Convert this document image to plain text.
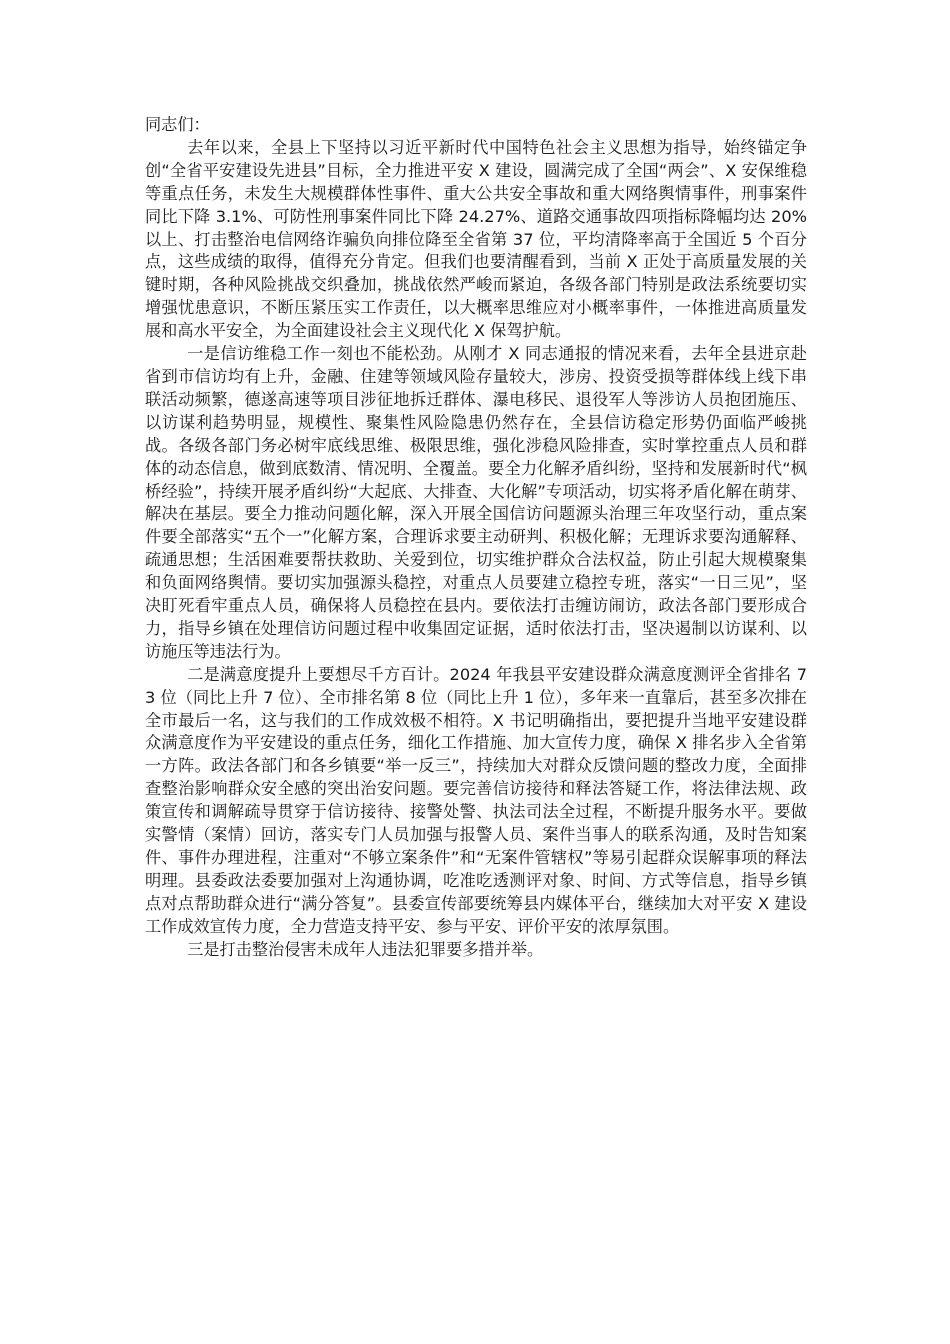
同志们：

去年以来，全县上下坚持以习近平新时代中国特色社会主义思想为指导，始终锚定争创“全省平安建设先进县”目标，全力推进平安 X 建设，圆满完成了全国“两会”、X 安保维稳等重点任务，未发生大规模群体性事件、重大公共安全事故和重大网络舆情事件，刑事案件同比下降 3.1%、可防性刑事案件同比下降 24.27%、道路交通事故四项指标降幅均达 20%以上、打击整治电信网络诈骗负向排位降至全省第 37 位，平均清降率高于全国近 5 个百分点，这些成绩的取得，值得充分肯定。但我们也要清醒看到，当前 X 正处于高质量发展的关键时期，各种风险挑战交织叠加，挑战依然严峻而紧迫，各级各部门特别是政法系统要切实增强忧患意识，不断压紧压实工作责任，以大概率思维应对小概率事件，一体推进高质量发展和高水平安全，为全面建设社会主义现代化 X 保驾护航。

一是信访维稳工作一刻也不能松劲。从刚才 X 同志通报的情况来看，去年全县进京赴省到市信访均有上升，金融、住建等领域风险存量较大，涉房、投资受损等群体线上线下串联活动频繁，德遂高速等项目涉征地拆迁群体、瀑电移民、退役军人等涉访人员抱团施压、以访谋利趋势明显，规模性、聚集性风险隐患仍然存在，全县信访稳定形势仍面临严峻挑战。各级各部门务必树牢底线思维、极限思维，强化涉稳风险排查，实时掌控重点人员和群体的动态信息，做到底数清、情况明、全覆盖。要全力化解矛盾纠纷，坚持和发展新时代“枫桥经验”，持续开展矛盾纠纷“大起底、大排查、大化解”专项活动，切实将矛盾化解在萌芽、解决在基层。要全力推动问题化解，深入开展全国信访问题源头治理三年攻坚行动，重点案件要全部落实“五个一”化解方案，合理诉求要主动研判、积极化解；无理诉求要沟通解释、疏通思想；生活困难要帮扶救助、关爱到位，切实维护群众合法权益，防止引起大规模聚集和负面网络舆情。要切实加强源头稳控，对重点人员要建立稳控专班，落实“一日三见”，坚决盯死看牢重点人员，确保将人员稳控在县内。要依法打击缠访闹访，政法各部门要形成合力，指导乡镇在处理信访问题过程中收集固定证据，适时依法打击，坚决遏制以访谋利、以访施压等违法行为。

二是满意度提升上要想尽千方百计。2024 年我县平安建设群众满意度测评全省排名 73 位（同比上升 7 位）、全市排名第 8 位（同比上升 1 位），多年来一直靠后，甚至多次排在全市最后一名，这与我们的工作成效极不相符。X 书记明确指出，要把提升当地平安建设群众满意度作为平安建设的重点任务，细化工作措施、加大宣传力度，确保 X 排名步入全省第一方阵。政法各部门和各乡镇要“举一反三”，持续加大对群众反馈问题的整改力度，全面排查整治影响群众安全感的突出治安问题。要完善信访接待和释法答疑工作，将法律法规、政策宣传和调解疏导贯穿于信访接待、接警处警、执法司法全过程，不断提升服务水平。要做实警情（案情）回访，落实专门人员加强与报警人员、案件当事人的联系沟通，及时告知案件、事件办理进程，注重对“不够立案条件”和“无案件管辖权”等易引起群众误解事项的释法明理。县委政法委要加强对上沟通协调，吃准吃透测评对象、时间、方式等信息，指导乡镇点对点帮助群众进行“满分答复”。县委宣传部要统筹县内媒体平台，继续加大对平安 X 建设工作成效宣传力度，全力营造支持平安、参与平安、评价平安的浓厚氛围。

三是打击整治侵害未成年人违法犯罪要多措并举。
